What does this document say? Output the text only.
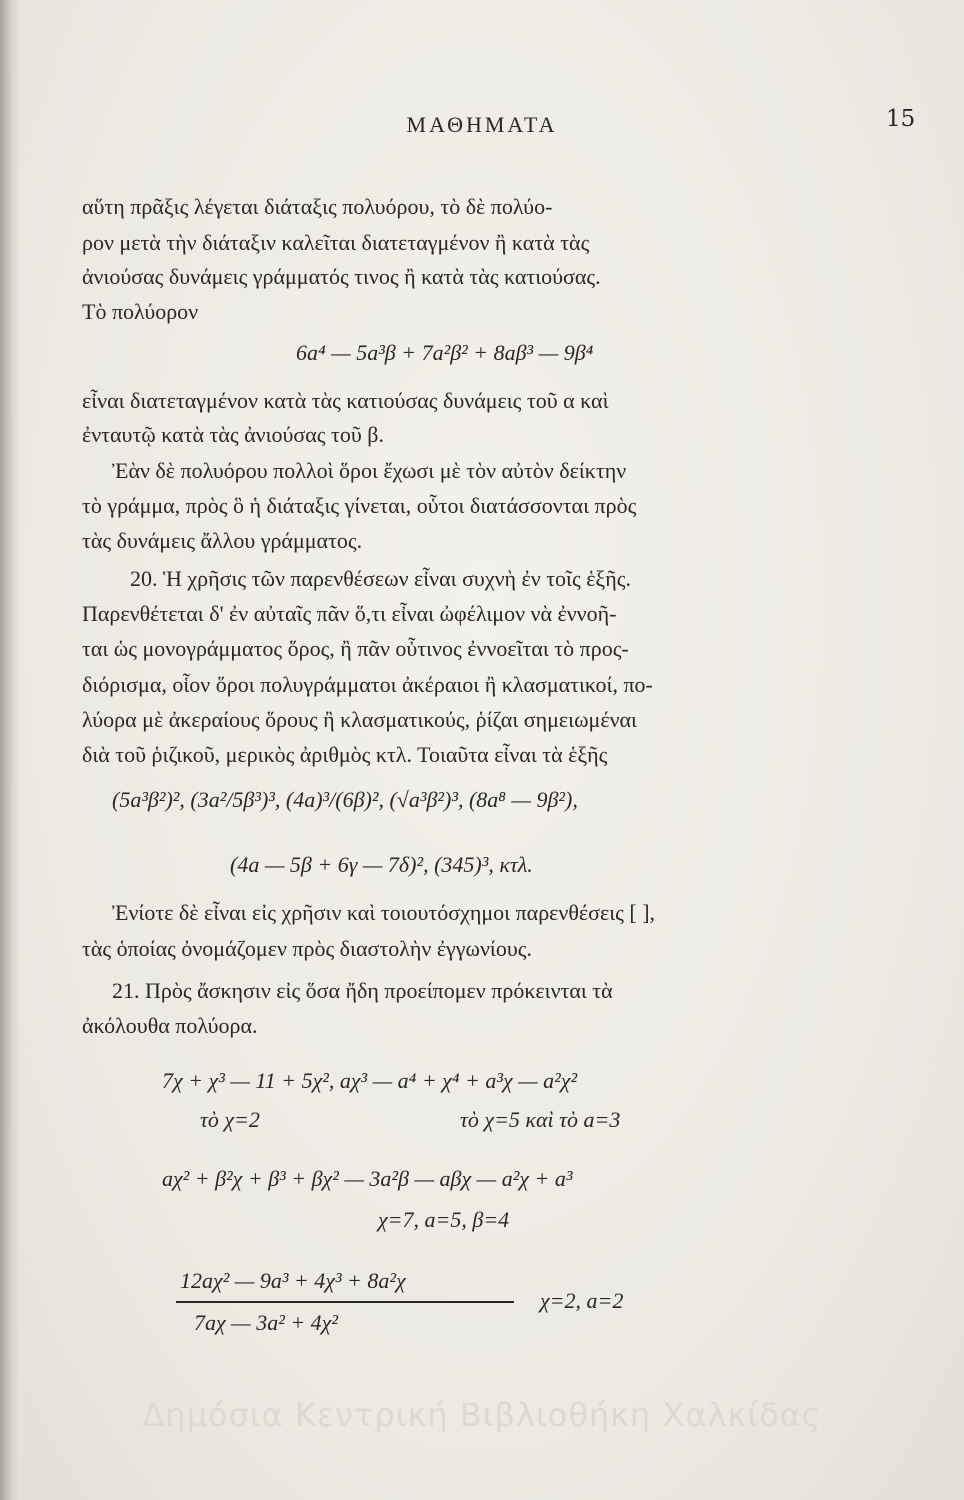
ΜΑΘΗΜΑΤΑ	15
αὕτη πρᾶξις λέγεται διάταξις πολυόρου, τὸ δὲ πολύο-
ρον μετὰ τὴν διάταξιν καλεῖται διατεταγμένον ἢ κατὰ τὰς
ἀνιούσας δυνάμεις γράμματός τινος ἢ κατὰ τὰς κατιούσας.
Τὸ πολύορον
6a⁴ — 5a³β + 7a²β² + 8aβ³ — 9β⁴
εἶναι διατεταγμένον κατὰ τὰς κατιούσας δυνάμεις τοῦ α καὶ
ἐνταυτῷ κατὰ τὰς ἀνιούσας τοῦ β.
Ἐὰν δὲ πολυόρου πολλοὶ ὅροι ἔχωσι μὲ τὸν αὐτὸν δείκτην
τὸ γράμμα, πρὸς ὃ ἡ διάταξις γίνεται, οὗτοι διατάσσονται πρὸς
τὰς δυνάμεις ἄλλου γράμματος.
20. Ἡ χρῆσις τῶν παρενθέσεων εἶναι συχνὴ ἐν τοῖς ἑξῆς.
Παρενθέτεται δ' ἐν αὐταῖς πᾶν ὅ,τι εἶναι ὠφέλιμον νὰ ἐννοῆ-
ται ὡς μονογράμματος ὅρος, ἢ πᾶν οὗτινος ἐννοεῖται τὸ προς-
διόρισμα, οἷον ὅροι πολυγράμματοι ἀκέραιοι ἢ κλασματικοί, πο-
λύορα μὲ ἀκεραίους ὅρους ἢ κλασματικούς, ῥίζαι σημειωμέναι
διὰ τοῦ ῥιζικοῦ, μερικὸς ἀριθμὸς κτλ. Τοιαῦτα εἶναι τὰ ἑξῆς
(5a³β²)², (3a²/5β³)³, (4a)³/(6β)², (√a³β²)³, (8a⁸ — 9β²),
(4a — 5β + 6γ — 7δ)², (345)³, κτλ.
Ἐνίοτε δὲ εἶναι εἰς χρῆσιν καὶ τοιουτόσχημοι παρενθέσεις [ ],
τὰς ὁποίας ὀνομάζομεν πρὸς διαστολὴν ἐγγωνίους.
21. Πρὸς ἄσκησιν εἰς ὅσα ἤδη προείπομεν πρόκεινται τὰ
ἀκόλουθα πολύορα.
7χ + χ³ — 11 + 5χ², aχ³ — a⁴ + χ⁴ + a³χ — a²χ²
τὸ χ=2	τὸ χ=5 καὶ τὸ a=3
aχ² + β²χ + β³ + βχ² — 3a²β — aβχ — a²χ + a³
χ=7, a=5, β=4
12aχ² — 9a³ + 4χ³ + 8a²χ
7aχ — 3a² + 4χ²
χ=2, a=2
Δημόσια Κεντρική Βιβλιοθήκη Χαλκίδας
